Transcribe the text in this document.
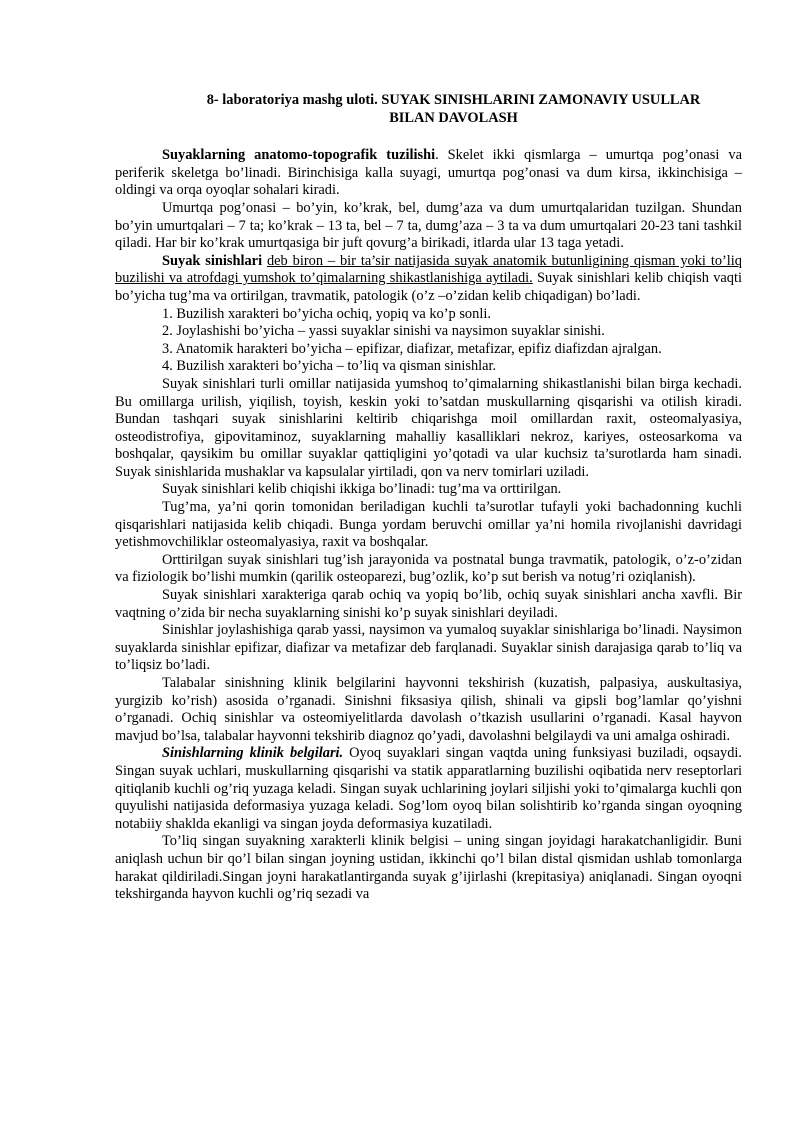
8- laboratoriya mashg uloti. SUYAK SINISHLARINI ZAMONAVIY USULLAR
BILAN DAVOLASH

Suyaklarning anatomo-topografik tuzilishi. Skelet ikki qismlarga – umurtqa pog’onasi va periferik skeletga bo’linadi. Birinchisiga kalla suyagi, umurtqa pog’onasi va dum kirsa, ikkinchisiga – oldingi va orqa oyoqlar sohalari kiradi.

Umurtqa pog’onasi – bo’yin, ko’krak, bel, dumg’aza va dum umurtqalaridan tuzilgan. Shundan bo’yin umurtqalari – 7 ta; ko’krak – 13 ta, bel – 7 ta, dumg’aza – 3 ta va dum umurtqalari 20-23 tani tashkil qiladi. Har bir ko’krak umurtqasiga bir juft qovurg’a birikadi, itlarda ular 13 taga yetadi.

Suyak sinishlari deb biron – bir ta’sir natijasida suyak anatomik butunligining qisman yoki to’liq buzilishi va atrofdagi yumshok to’qimalarning shikastlanishiga aytiladi. Suyak sinishlari kelib chiqish vaqti bo’yicha tug’ma va ortirilgan, travmatik, patologik (o’z –o’zidan kelib chiqadigan) bo’ladi.

1. Buzilish xarakteri bo’yicha ochiq, yopiq va ko’p sonli.

2. Joylashishi bo’yicha – yassi suyaklar sinishi va naysimon suyaklar sinishi.

3. Anatomik harakteri bo’yicha – epifizar, diafizar, metafizar, epifiz diafizdan ajralgan.

4. Buzilish xarakteri bo’yicha – to’liq va qisman sinishlar.

Suyak sinishlari turli omillar natijasida yumshoq to’qimalarning shikastlanishi bilan birga kechadi. Bu omillarga urilish, yiqilish, toyish, keskin yoki to’satdan muskullarning qisqarishi va otilish kiradi. Bundan tashqari suyak sinishlarini keltirib chiqarishga moil omillardan raxit, osteomalyasiya, osteodistrofiya, gipovitaminoz, suyaklarning mahalliy kasalliklari nekroz, kariyes, osteosarkoma va boshqalar, qaysikim bu omillar suyaklar qattiqligini yo’qotadi va ular kuchsiz ta’surotlarda ham sinadi. Suyak sinishlarida mushaklar va kapsulalar yirtiladi, qon va nerv tomirlari uziladi.

Suyak sinishlari kelib chiqishi ikkiga bo’linadi: tug’ma va orttirilgan.

Tug’ma, ya’ni qorin tomonidan beriladigan kuchli ta’surotlar tufayli yoki bachadonning kuchli qisqarishlari natijasida kelib chiqadi. Bunga yordam beruvchi omillar ya’ni homila rivojlanishi davridagi yetishmovchiliklar osteomalyasiya, raxit va boshqalar.

Orttirilgan suyak sinishlari tug’ish jarayonida va postnatal bunga travmatik, patologik, o’z-o’zidan va fiziologik bo’lishi mumkin (qarilik osteoparezi, bug’ozlik, ko’p sut berish va notug’ri oziqlanish).

Suyak sinishlari xarakteriga qarab ochiq va yopiq bo’lib, ochiq suyak sinishlari ancha xavfli. Bir vaqtning o’zida bir necha suyaklarning sinishi ko’p suyak sinishlari deyiladi.

Sinishlar joylashishiga qarab yassi, naysimon va yumaloq suyaklar sinishlariga bo’linadi. Naysimon suyaklarda sinishlar epifizar, diafizar va metafizar deb farqlanadi. Suyaklar sinish darajasiga qarab to’liq va to’liqsiz bo’ladi.

Talabalar sinishning klinik belgilarini hayvonni tekshirish (kuzatish, palpasiya, auskultasiya, yurgizib ko’rish) asosida o’rganadi. Sinishni fiksasiya qilish, shinali va gipsli bog’lamlar qo’yishni o’rganadi. Ochiq sinishlar va osteomiyelitlarda davolash o’tkazish usullarini o’rganadi. Kasal hayvon mavjud bo’lsa, talabalar hayvonni tekshirib diagnoz qo’yadi, davolashni belgilaydi va uni amalga oshiradi.

Sinishlarning klinik belgilari. Oyoq suyaklari singan vaqtda uning funksiyasi buziladi, oqsaydi. Singan suyak uchlari, muskullarning qisqarishi va statik apparatlarning buzilishi oqibatida nerv reseptorlari qitiqlanib kuchli og’riq yuzaga keladi. Singan suyak uchlarining joylari siljishi yoki to’qimalarga kuchli qon quyulishi natijasida deformasiya yuzaga keladi. Sog’lom oyoq bilan solishtirib ko’rganda singan oyoqning notabiiy shaklda ekanligi va singan joyda deformasiya kuzatiladi.

To’liq singan suyakning xarakterli klinik belgisi – uning singan joyidagi harakatchanligidir. Buni aniqlash uchun bir qo’l bilan singan joyning ustidan, ikkinchi qo’l bilan distal qismidan ushlab tomonlarga harakat qildiriladi.Singan joyni harakatlantirganda suyak g’ijirlashi (krepitasiya) aniqlanadi. Singan oyoqni tekshirganda hayvon kuchli og’riq sezadi va
